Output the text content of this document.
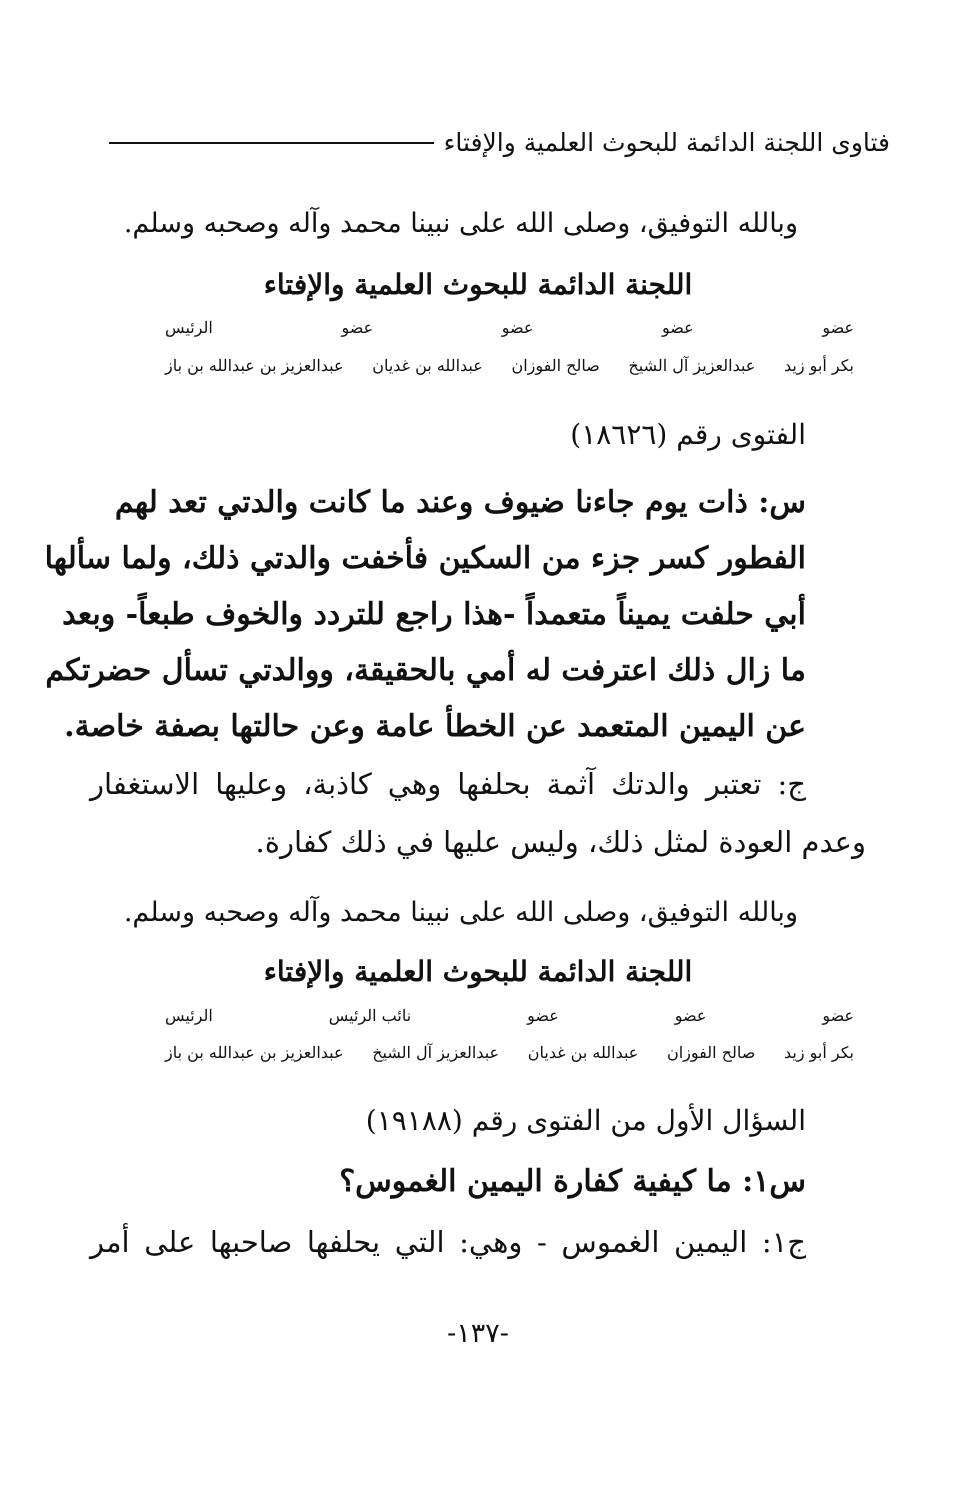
فتاوى اللجنة الدائمة للبحوث العلمية والإفتاء
وبالله التوفيق، وصلى الله على نبينا محمد وآله وصحبه وسلم.
اللجنة الدائمة للبحوث العلمية والإفتاء
عضو
عضو
عضو
عضو
الرئيس
بكر أبو زيد
عبدالعزيز آل الشيخ
صالح الفوزان
عبدالله بن غديان
عبدالعزيز بن عبدالله بن باز
الفتوى رقم (١٨٦٢٦)
س: ذات يوم جاءنا ضيوف وعند ما كانت والدتي تعد لهم
الفطور كسر جزء من السكين فأخفت والدتي ذلك، ولما سألها
أبي حلفت يميناً متعمداً -هذا راجع للتردد والخوف طبعاً- وبعد
ما زال ذلك اعترفت له أمي بالحقيقة، ووالدتي تسأل حضرتكم
عن اليمين المتعمد عن الخطأ عامة وعن حالتها بصفة خاصة.
ج: تعتبر والدتك آثمة بحلفها وهي كاذبة، وعليها الاستغفار
وعدم العودة لمثل ذلك، وليس عليها في ذلك كفارة.
وبالله التوفيق، وصلى الله على نبينا محمد وآله وصحبه وسلم.
اللجنة الدائمة للبحوث العلمية والإفتاء
عضو
عضو
عضو
نائب الرئيس
الرئيس
بكر أبو زيد
صالح الفوزان
عبدالله بن غديان
عبدالعزيز آل الشيخ
عبدالعزيز بن عبدالله بن باز
السؤال الأول من الفتوى رقم (١٩١٨٨)
س١: ما كيفية كفارة اليمين الغموس؟
ج١: اليمين الغموس - وهي: التي يحلفها صاحبها على أمر
-١٣٧-
